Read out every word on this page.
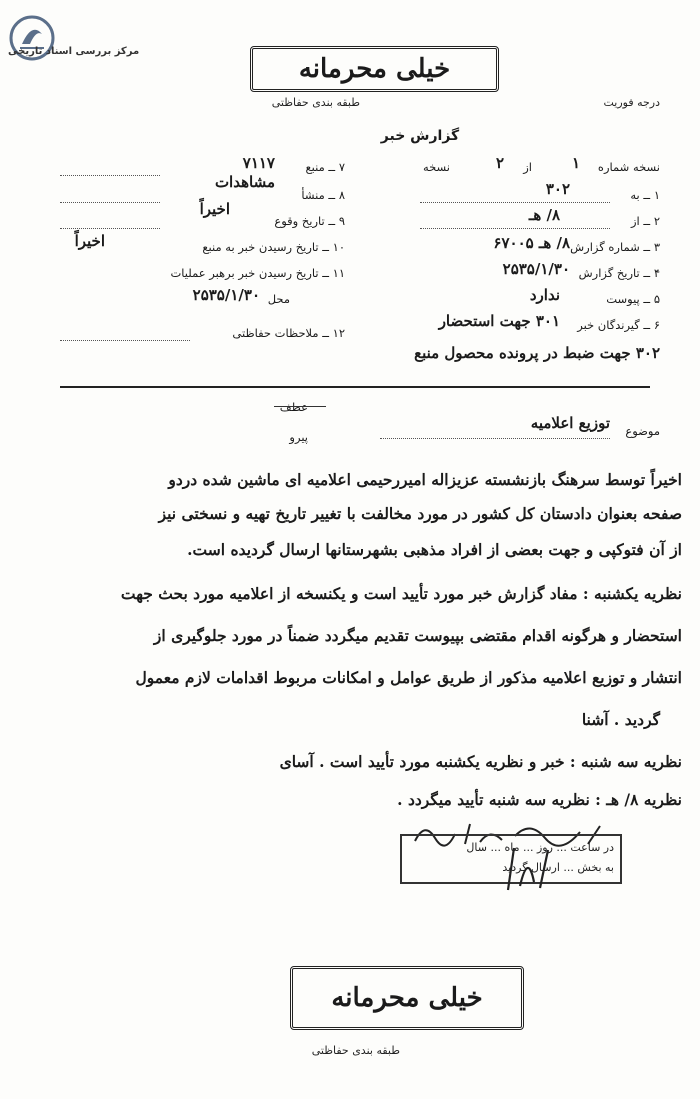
مرکز بررسی اسناد تاریخی
خیلی محرمانه
طبقه بندی حفاظتی	درجه فوریت
گزارش خبر
نسخه شماره
۱
از
۲
نسخه
۱ ــ به
۳۰۲
۲ ــ از
۸/ هـ
۳ ــ شماره گزارش
۸/ هـ ۶۷۰۰۵
۴ ــ تاریخ گزارش
۲۵۳۵/۱/۳۰
۵ ــ پیوست
ندارد
۶ ــ گیرندگان خبر
۳۰۱ جهت استحضار
۳۰۲ جهت ضبط در پرونده محصول منبع
۷ ــ منبع
۷۱۱۷
۸ ــ منشأ
مشاهدات
۹ ــ تاریخ وقوع
اخیراً
۱۰ ــ تاریخ رسیدن خبر به منبع
اخیراً
۱۱ ــ تاریخ رسیدن خبر برهبر عملیات
محل
۲۵۳۵/۱/۳۰
۱۲ ــ ملاحظات حفاظتی
موضوع
توزیع اعلامیه
عطف
پیرو
اخیراً توسط سرهنگ بازنشسته عزیزاله امیررحیمی اعلامیه ای ماشین شده دردو
صفحه بعنوان دادستان کل کشور در مورد مخالفت با تغییر تاریخ تهیه و نسختی نیز
از آن فتوکپی و جهت بعضی از افراد مذهبی بشهرستانها ارسال گردیده است.
نظریه یکشنبه : مفاد گزارش خبر مورد تأیید است و یکنسخه از اعلامیه مورد بحث جهت
استحضار و هرگونه اقدام مقتضی بپیوست تقدیم میگردد ضمناً در مورد جلوگیری از
انتشار و توزیع اعلامیه مذکور از طریق عوامل و امکانات مربوط اقدامات لازم معمول
گردید . آشنا
نظریه سه شنبه : خبر و نظریه یکشنبه مورد تأیید است . آسای
نظریه ۸/ هـ : نظریه سه شنبه تأیید میگردد .
در ساعت ... روز ... ماه ... سال
به بخش ... ارسال گردید
خیلی محرمانه
طبقه بندی حفاظتی
